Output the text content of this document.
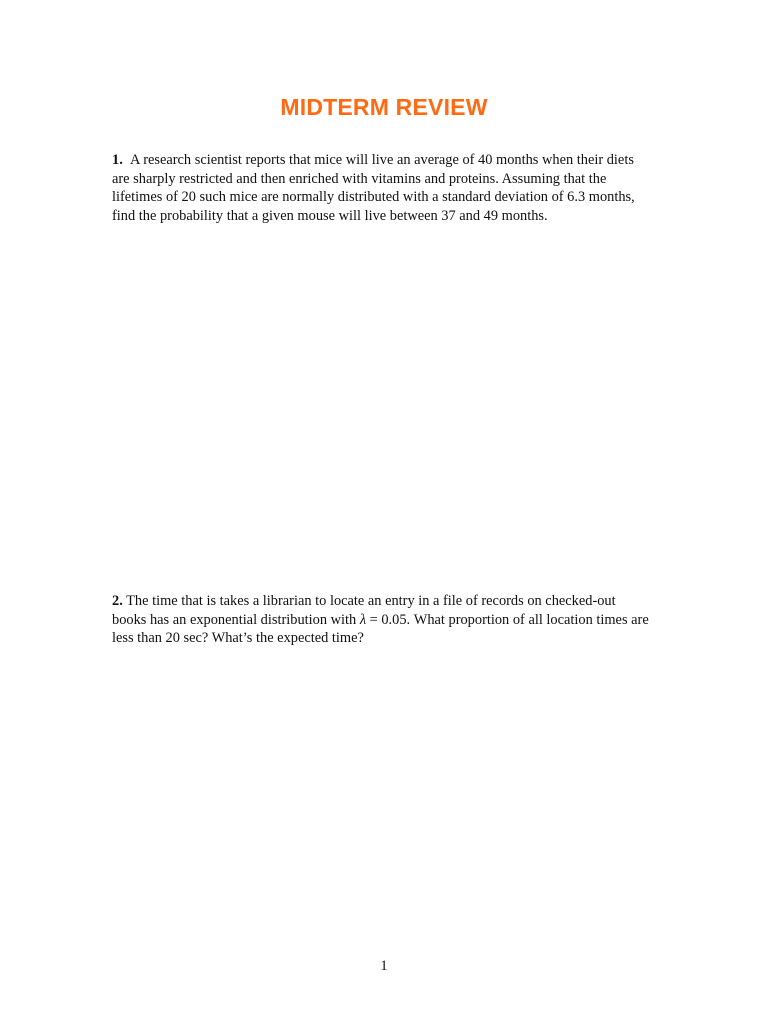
MIDTERM REVIEW
1. A research scientist reports that mice will live an average of 40 months when their diets are sharply restricted and then enriched with vitamins and proteins. Assuming that the lifetimes of 20 such mice are normally distributed with a standard deviation of 6.3 months, find the probability that a given mouse will live between 37 and 49 months.
2. The time that is takes a librarian to locate an entry in a file of records on checked-out books has an exponential distribution with λ = 0.05. What proportion of all location times are less than 20 sec? What’s the expected time?
1
